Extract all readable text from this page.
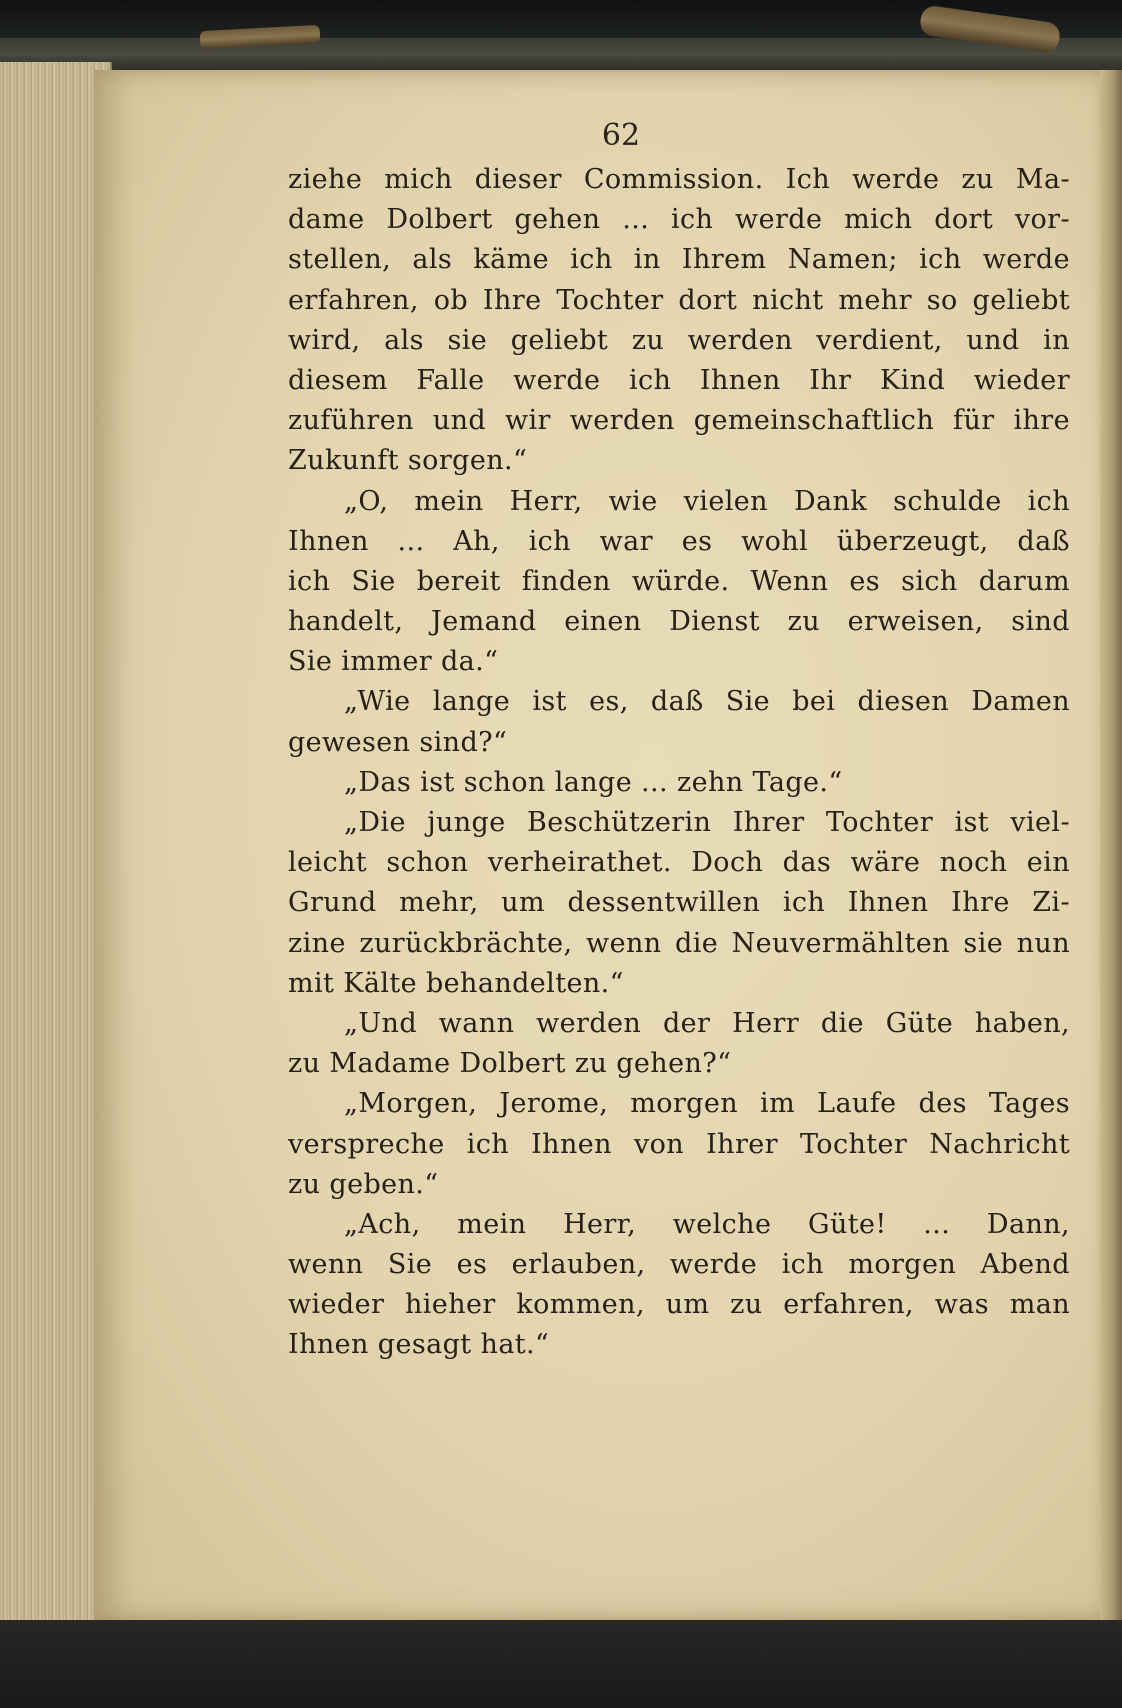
62
ziehe mich dieser Commission. Ich werde zu Ma-
dame Dolbert gehen ... ich werde mich dort vor-
stellen, als käme ich in Ihrem Namen; ich werde
erfahren, ob Ihre Tochter dort nicht mehr so geliebt
wird, als sie geliebt zu werden verdient, und in
diesem Falle werde ich Ihnen Ihr Kind wieder
zuführen und wir werden gemeinschaftlich für ihre
Zukunft sorgen.“
„O, mein Herr, wie vielen Dank schulde ich
Ihnen ... Ah, ich war es wohl überzeugt, daß
ich Sie bereit finden würde. Wenn es sich darum
handelt, Jemand einen Dienst zu erweisen, sind
Sie immer da.“
„Wie lange ist es, daß Sie bei diesen Damen
gewesen sind?“
„Das ist schon lange ... zehn Tage.“
„Die junge Beschützerin Ihrer Tochter ist viel-
leicht schon verheirathet. Doch das wäre noch ein
Grund mehr, um dessentwillen ich Ihnen Ihre Zi-
zine zurückbrächte, wenn die Neuvermählten sie nun
mit Kälte behandelten.“
„Und wann werden der Herr die Güte haben,
zu Madame Dolbert zu gehen?“
„Morgen, Jerome, morgen im Laufe des Tages
verspreche ich Ihnen von Ihrer Tochter Nachricht
zu geben.“
„Ach, mein Herr, welche Güte! ... Dann,
wenn Sie es erlauben, werde ich morgen Abend
wieder hieher kommen, um zu erfahren, was man
Ihnen gesagt hat.“
